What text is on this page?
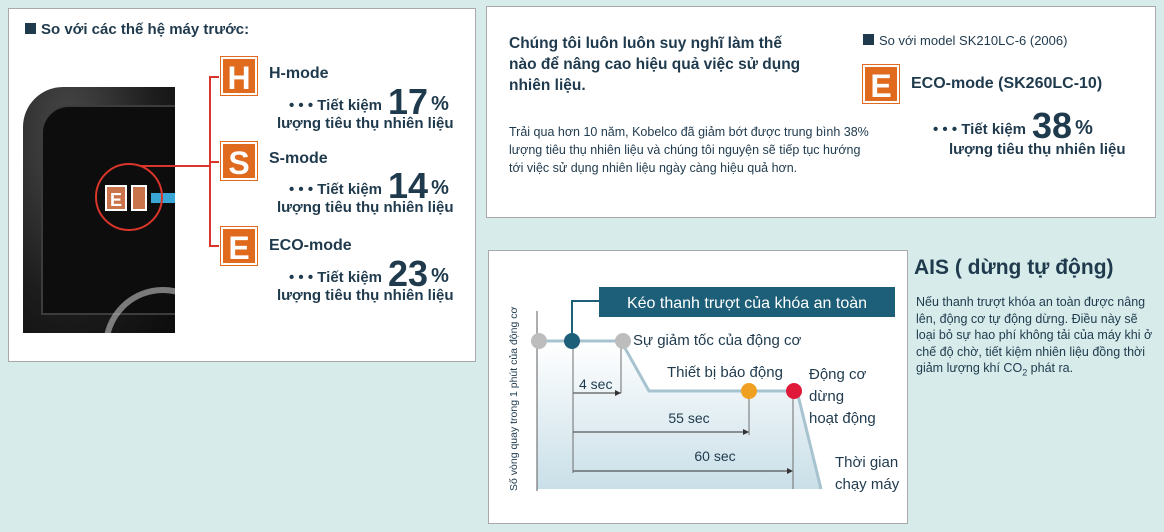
So với các thế hệ máy trước:
E
H	H-mode
• • • Tiết kiệm 17 %
lượng tiêu thụ nhiên liệu
S	S-mode
• • • Tiết kiệm 14 %
lượng tiêu thụ nhiên liệu
E	ECO-mode
• • • Tiết kiệm 23 %
lượng tiêu thụ nhiên liệu
Chúng tôi luôn luôn suy nghĩ làm thế nào để nâng cao hiệu quả việc sử dụng nhiên liệu.
Trải qua hơn 10 năm, Kobelco đã giảm bớt được trung bình 38% lượng tiêu thụ nhiên liệu và chúng tôi nguyện sẽ tiếp tục hướng tới việc sử dụng nhiên liệu ngày càng hiệu quả hơn.
So với model SK210LC-6 (2006)
E	ECO-mode (SK260LC-10)
• • • Tiết kiệm 38 %
lượng tiêu thụ nhiên liệu
Kéo thanh trượt của khóa an toàn
Sự giảm tốc của động cơ
Thiết bị báo động Động cơ
dừng
hoạt động
4 sec
55 sec
60 sec	Thời gian
chạy máy
Số vòng quay trong 1 phút của động cơ
AIS ( dừng tự động)
Nếu thanh trượt khóa an toàn được nâng lên, động cơ tự động dừng. Điều này sẽ loại bỏ sự hao phí không tải của máy khi ở chế độ chờ, tiết kiệm nhiên liệu đồng thời giảm lượng khí $CO_2$ phát ra.
